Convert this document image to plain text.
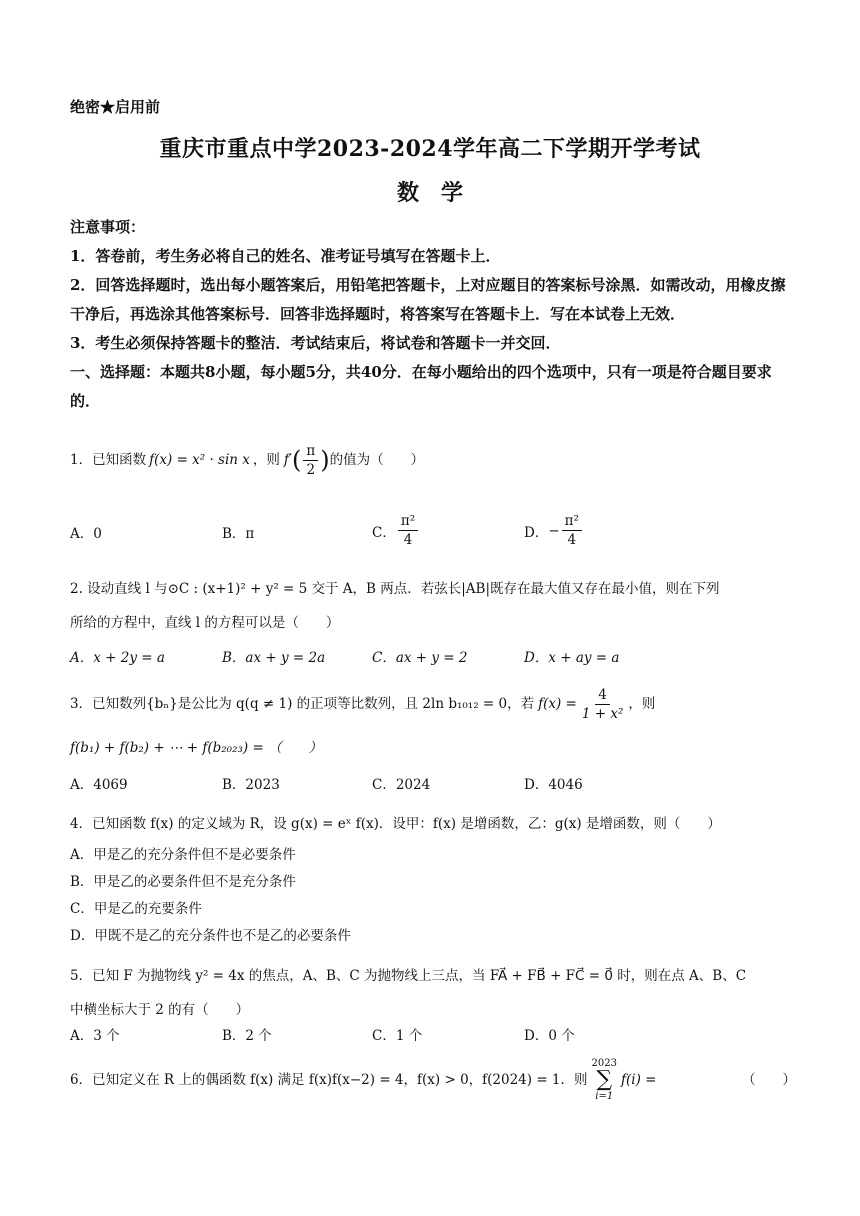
绝密★启用前
重庆市重点中学2023-2024学年高二下学期开学考试
数　学

注意事项：

1．答卷前，考生务必将自己的姓名、准考证号填写在答题卡上．

2．回答选择题时，选出每小题答案后，用铅笔把答题卡，上对应题目的答案标号涂黑．如需改动，用橡皮擦干净后，再选涂其他答案标号．回答非选择题时，将答案写在答题卡上．写在本试卷上无效．

3．考生必须保持答题卡的整洁．考试结束后，将试卷和答题卡一并交回．

一、选择题：本题共8小题，每小题5分，共40分．在每小题给出的四个选项中，只有一项是符合题目要求的．

1．已知函数 f(x) = x² · sin x ，则 f′ ( $\frac{\pi}{2}$ ) 的值为（　　）

A．0	B．π	C． $\frac{\text{π²}}{4}$	D． − $\frac{\text{π²}}{4}$

2. 设动直线 l 与⊙C : (x+1)² + y² = 5 交于 A，B 两点．若弦长|AB|既存在最大值又存在最小值，则在下列

所给的方程中，直线 l 的方程可以是（　　）

A．x + 2y = a	B．ax + y = 2a	C．ax + y = 2	D．x + ay = a

3．已知数列{bₙ}是公比为 q(q ≠ 1) 的正项等比数列，且 2ln b₁₀₁₂ = 0，若 $f(x) = \frac{4}{\text{1 + x²}}$ ，则

f(b₁) + f(b₂) + ⋯ + f(b₂₀₂₃) = （　　）

A．4069	B．2023	C．2024	D．4046

4．已知函数 f(x) 的定义域为 R，设 g(x) = eˣ f(x)．设甲：f(x) 是增函数，乙：g(x) 是增函数，则（　　）

A．甲是乙的充分条件但不是必要条件

B．甲是乙的必要条件但不是充分条件

C．甲是乙的充要条件

D．甲既不是乙的充分条件也不是乙的必要条件

5．已知 F 为抛物线 y² = 4x 的焦点，A、B、C 为抛物线上三点，当 FA⃗ + FB⃗ + FC⃗ = 0⃗ 时，则在点 A、B、C

中横坐标大于 2 的有（　　）

A．3 个	B．2 个	C．1 个	D．0 个

6．已知定义在 R 上的偶函数 f(x) 满足 f(x)f(x−2) = 4，f(x) > 0，f(2024) = 1．则
2023
∑
i=1
f(i) =	（　　）
